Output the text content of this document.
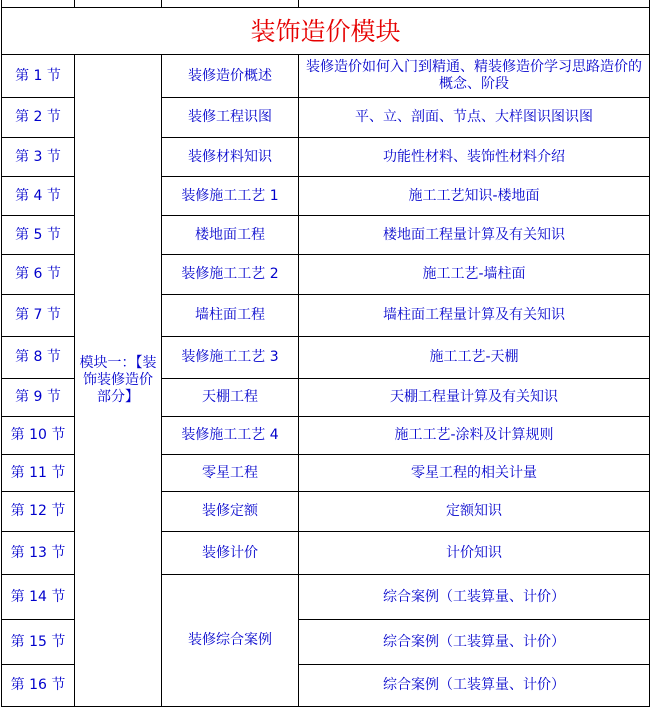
装饰造价模块			
第 1 节	模块一：【装饰装修造价部分】	装修造价概述	装修造价如何入门到精通、精装修造价学习思路造价的概念、阶段
第 2 节		装修工程识图	平、立、剖面、节点、大样图识图识图
第 3 节		装修材料知识	功能性材料、装饰性材料介绍
第 4 节		装修施工工艺 1	施工工艺知识-楼地面
第 5 节		楼地面工程	楼地面工程量计算及有关知识
第 6 节		装修施工工艺 2	施工工艺-墙柱面
第 7 节		墙柱面工程	墙柱面工程量计算及有关知识
第 8 节		装修施工工艺 3	施工工艺-天棚
第 9 节		天棚工程	天棚工程量计算及有关知识
第 10 节		装修施工工艺 4	施工工艺-涂料及计算规则
第 11 节		零星工程	零星工程的相关计量
第 12 节		装修定额	定额知识
第 13 节		装修计价	计价知识
第 14 节		装修综合案例	综合案例（工装算量、计价）
第 15 节			综合案例（工装算量、计价）
第 16 节			综合案例（工装算量、计价）
